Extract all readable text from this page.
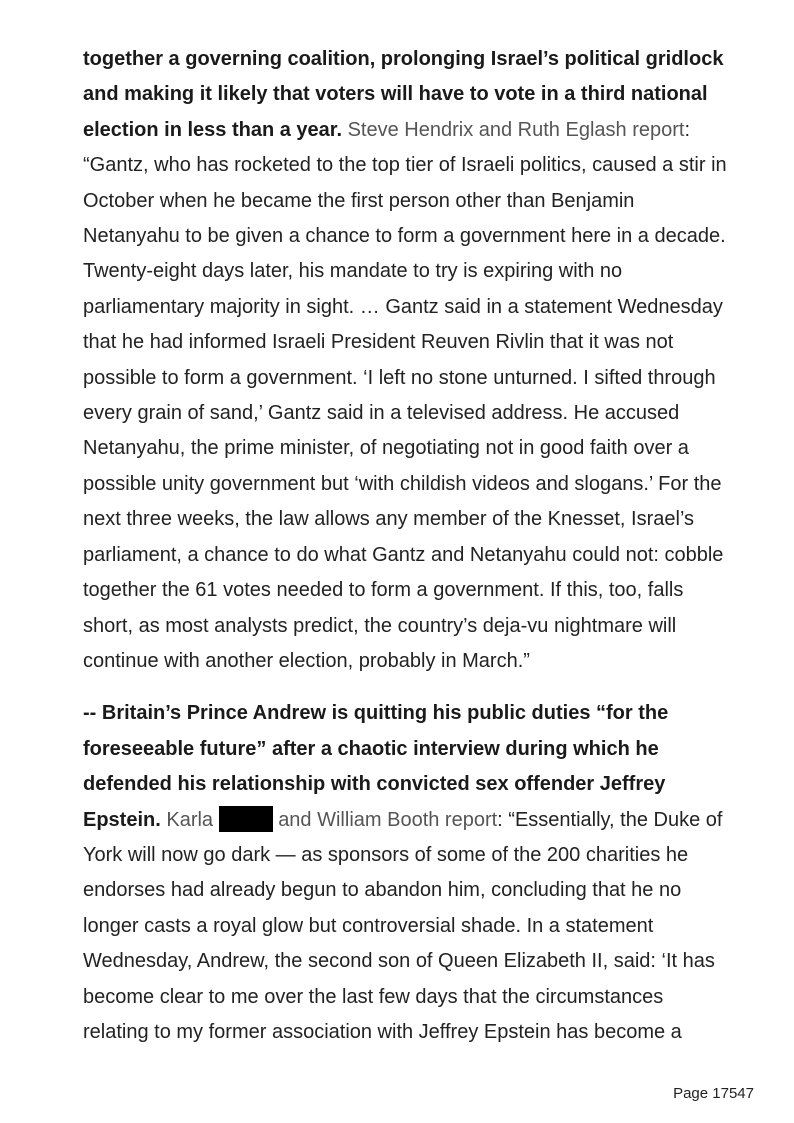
together a governing coalition, prolonging Israel’s political gridlock and making it likely that voters will have to vote in a third national election in less than a year. Steve Hendrix and Ruth Eglash report: “Gantz, who has rocketed to the top tier of Israeli politics, caused a stir in October when he became the first person other than Benjamin Netanyahu to be given a chance to form a government here in a decade. Twenty-eight days later, his mandate to try is expiring with no parliamentary majority in sight. … Gantz said in a statement Wednesday that he had informed Israeli President Reuven Rivlin that it was not possible to form a government. ‘I left no stone unturned. I sifted through every grain of sand,’ Gantz said in a televised address. He accused Netanyahu, the prime minister, of negotiating not in good faith over a possible unity government but ‘with childish videos and slogans.’ For the next three weeks, the law allows any member of the Knesset, Israel’s parliament, a chance to do what Gantz and Netanyahu could not: cobble together the 61 votes needed to form a government. If this, too, falls short, as most analysts predict, the country’s deja-vu nightmare will continue with another election, probably in March.”

-- Britain’s Prince Andrew is quitting his public duties “for the foreseeable future” after a chaotic interview during which he defended his relationship with convicted sex offender Jeffrey Epstein. Karla	and William Booth report: “Essentially, the Duke of York will now go dark — as sponsors of some of the 200 charities he endorses had already begun to abandon him, concluding that he no longer casts a royal glow but controversial shade. In a statement Wednesday, Andrew, the second son of Queen Elizabeth II, said: ‘It has become clear to me over the last few days that the circumstances relating to my former association with Jeffrey Epstein has become a

Page 17547
